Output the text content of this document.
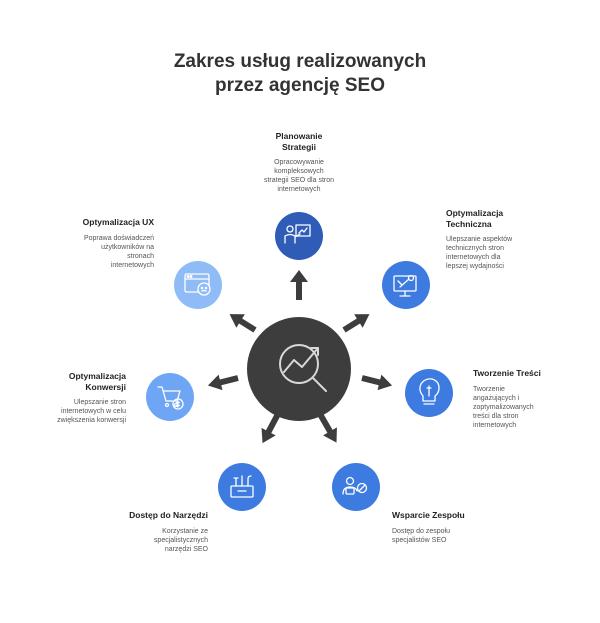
Zakres usług realizowanych
przez agencję SEO
Planowanie
Strategii
Opracowywanie
kompleksowych
strategii SEO dla stron
internetowych
Optymalizacja
Techniczna
Ulepszanie aspektów
technicznych stron
internetowych dla
lepszej wydajności
Tworzenie Treści
Tworzenie
angażujących i
zoptymalizowanych
treści dla stron
internetowych
Wsparcie Zespołu
Dostęp do zespołu
specjalistów SEO
Dostęp do Narzędzi
Korzystanie ze
specjalistycznych
narzędzi SEO
Optymalizacja
Konwersji
Ulepszanie stron
internetowych w celu
zwiększenia konwersji
Optymalizacja UX
Poprawa doświadczeń
użytkowników na
stronach
internetowych
